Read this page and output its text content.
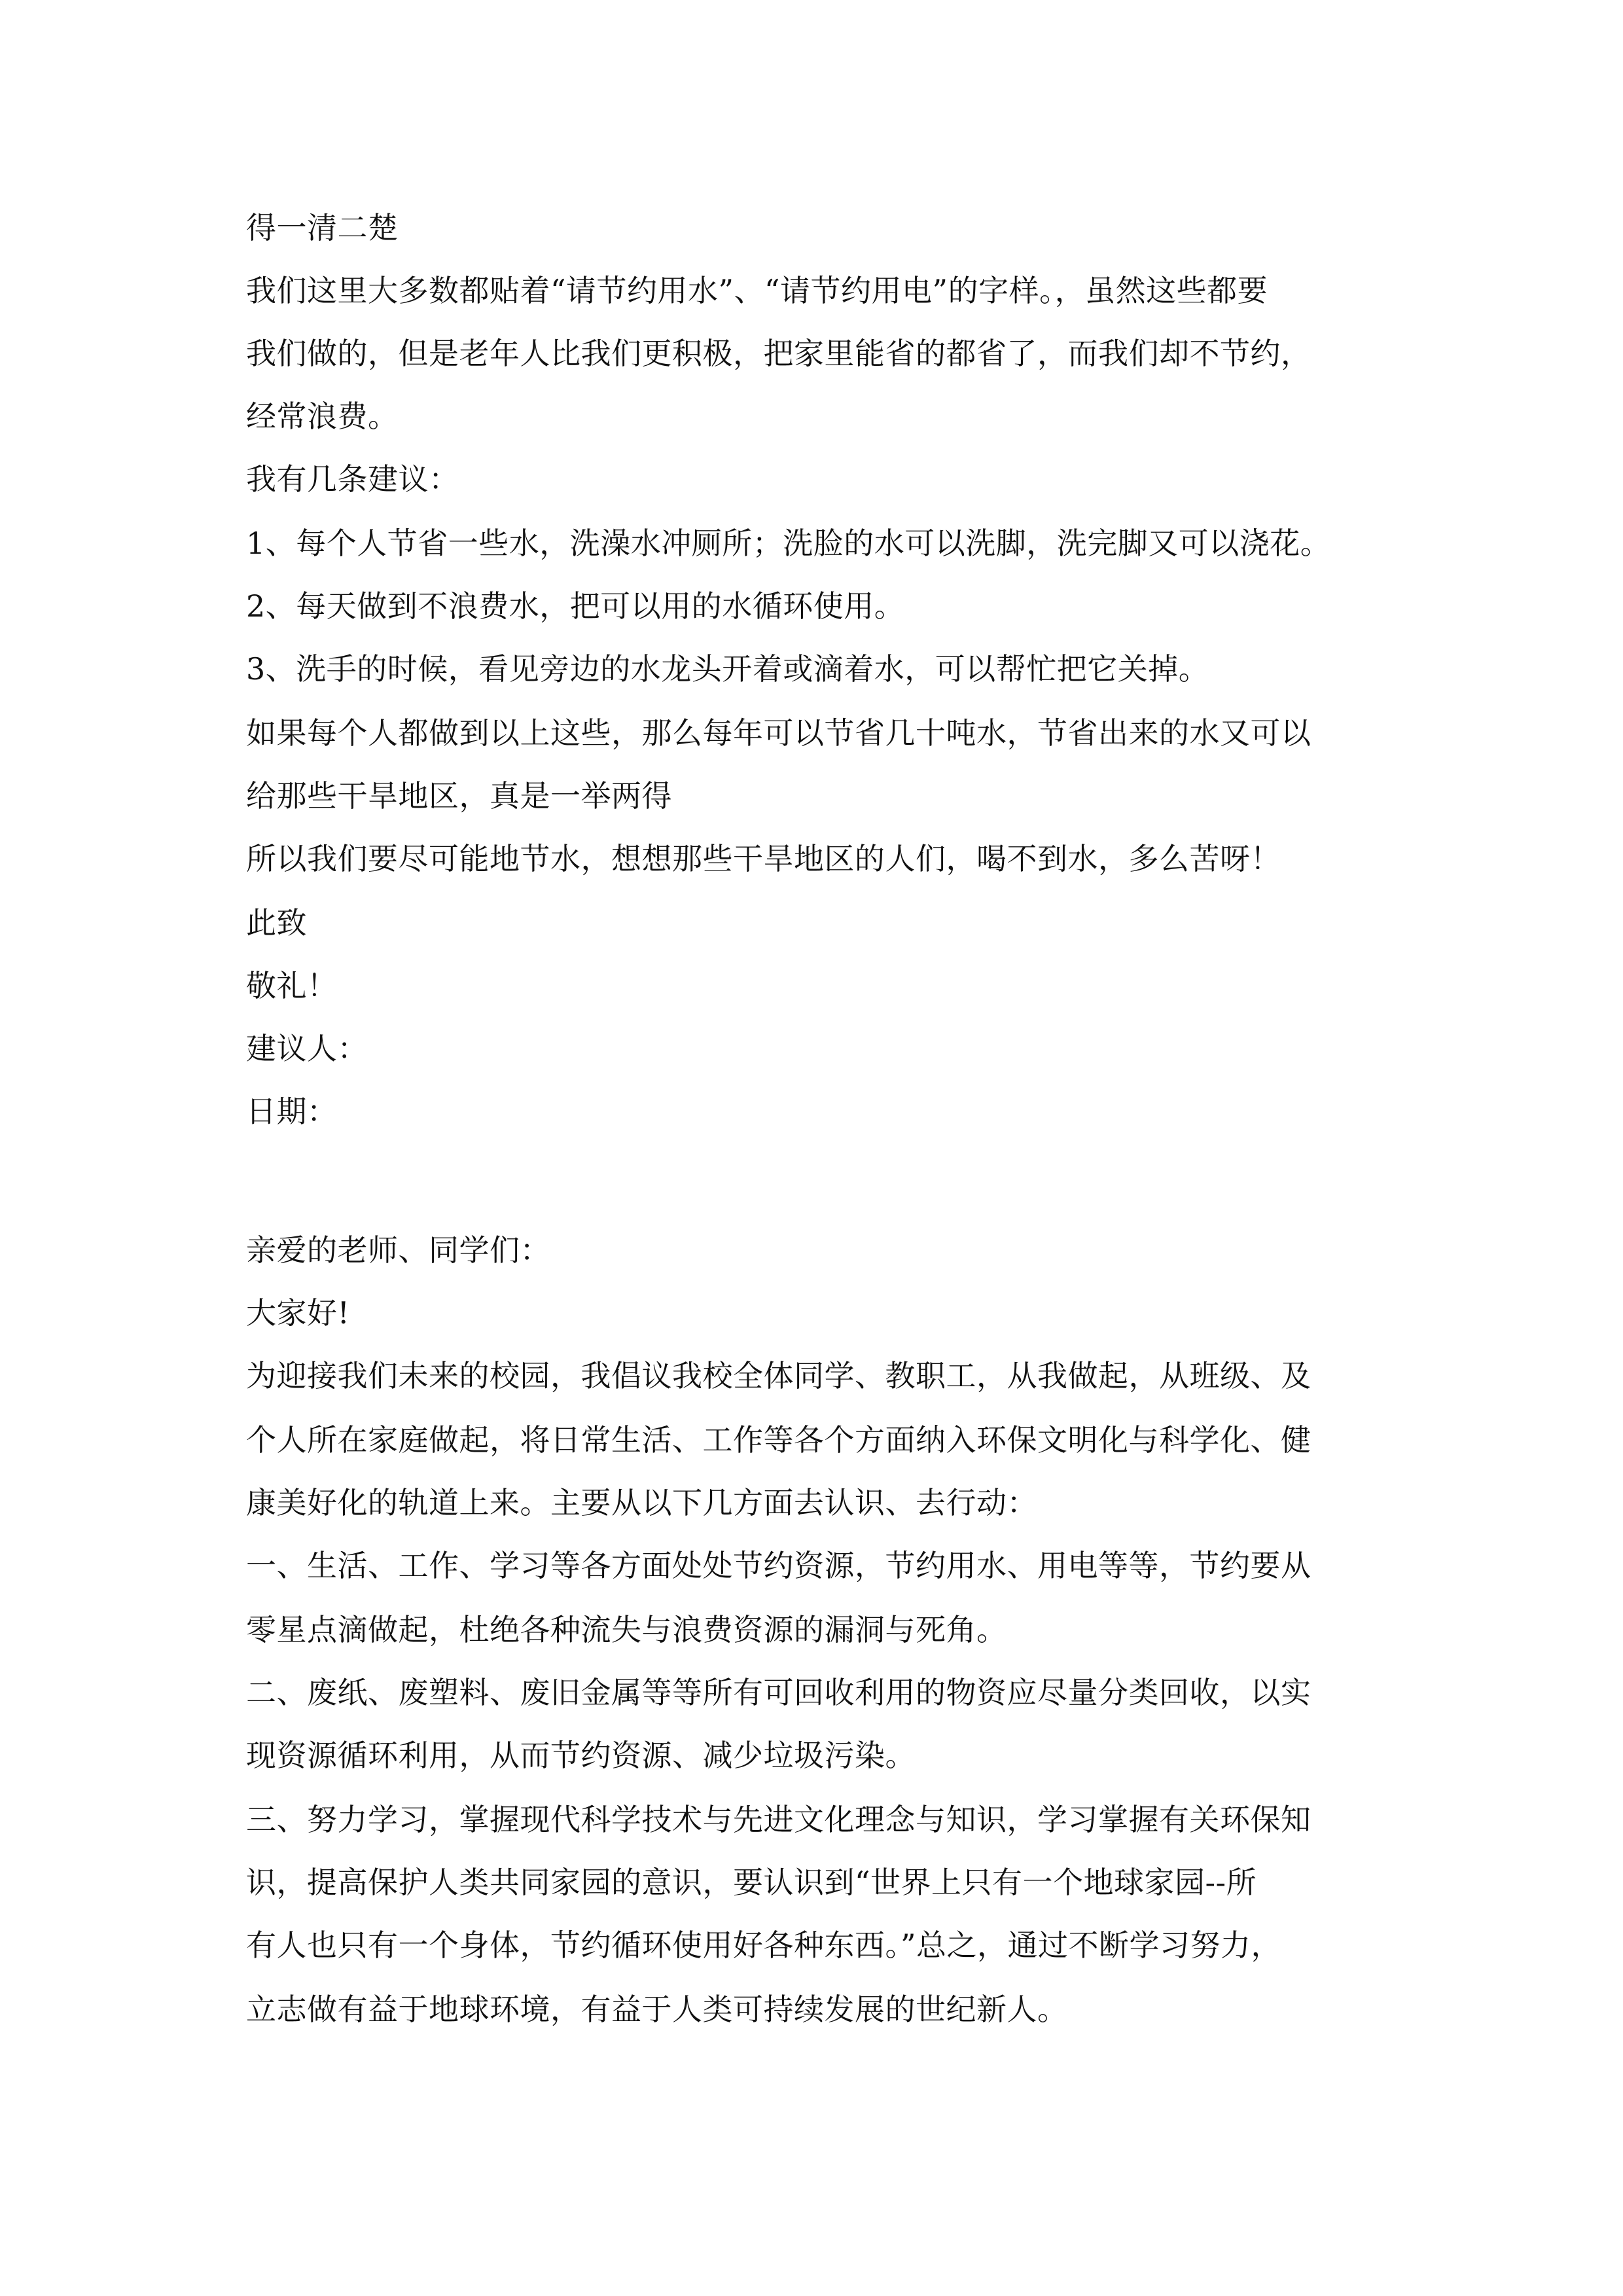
得一清二楚
我们这里大多数都贴着“请节约用水”、“请节约用电”的字样。，虽然这些都要
我们做的，但是老年人比我们更积极，把家里能省的都省了，而我们却不节约，
经常浪费。
我有几条建议：
1、每个人节省一些水，洗澡水冲厕所；洗脸的水可以洗脚，洗完脚又可以浇花。
2、每天做到不浪费水，把可以用的水循环使用。
3、洗手的时候，看见旁边的水龙头开着或滴着水，可以帮忙把它关掉。
如果每个人都做到以上这些，那么每年可以节省几十吨水，节省出来的水又可以
给那些干旱地区，真是一举两得
所以我们要尽可能地节水，想想那些干旱地区的人们，喝不到水，多么苦呀！
此致
敬礼！
建议人：
日期：
亲爱的老师、同学们：
大家好!
为迎接我们未来的校园，我倡议我校全体同学、教职工，从我做起，从班级、及
个人所在家庭做起，将日常生活、工作等各个方面纳入环保文明化与科学化、健
康美好化的轨道上来。主要从以下几方面去认识、去行动：
一、生活、工作、学习等各方面处处节约资源，节约用水、用电等等，节约要从
零星点滴做起，杜绝各种流失与浪费资源的漏洞与死角。
二、废纸、废塑料、废旧金属等等所有可回收利用的物资应尽量分类回收，以实
现资源循环利用，从而节约资源、减少垃圾污染。
三、努力学习，掌握现代科学技术与先进文化理念与知识，学习掌握有关环保知
识，提高保护人类共同家园的意识，要认识到“世界上只有一个地球家园--所
有人也只有一个身体，节约循环使用好各种东西。”总之，通过不断学习努力，
立志做有益于地球环境，有益于人类可持续发展的世纪新人。
